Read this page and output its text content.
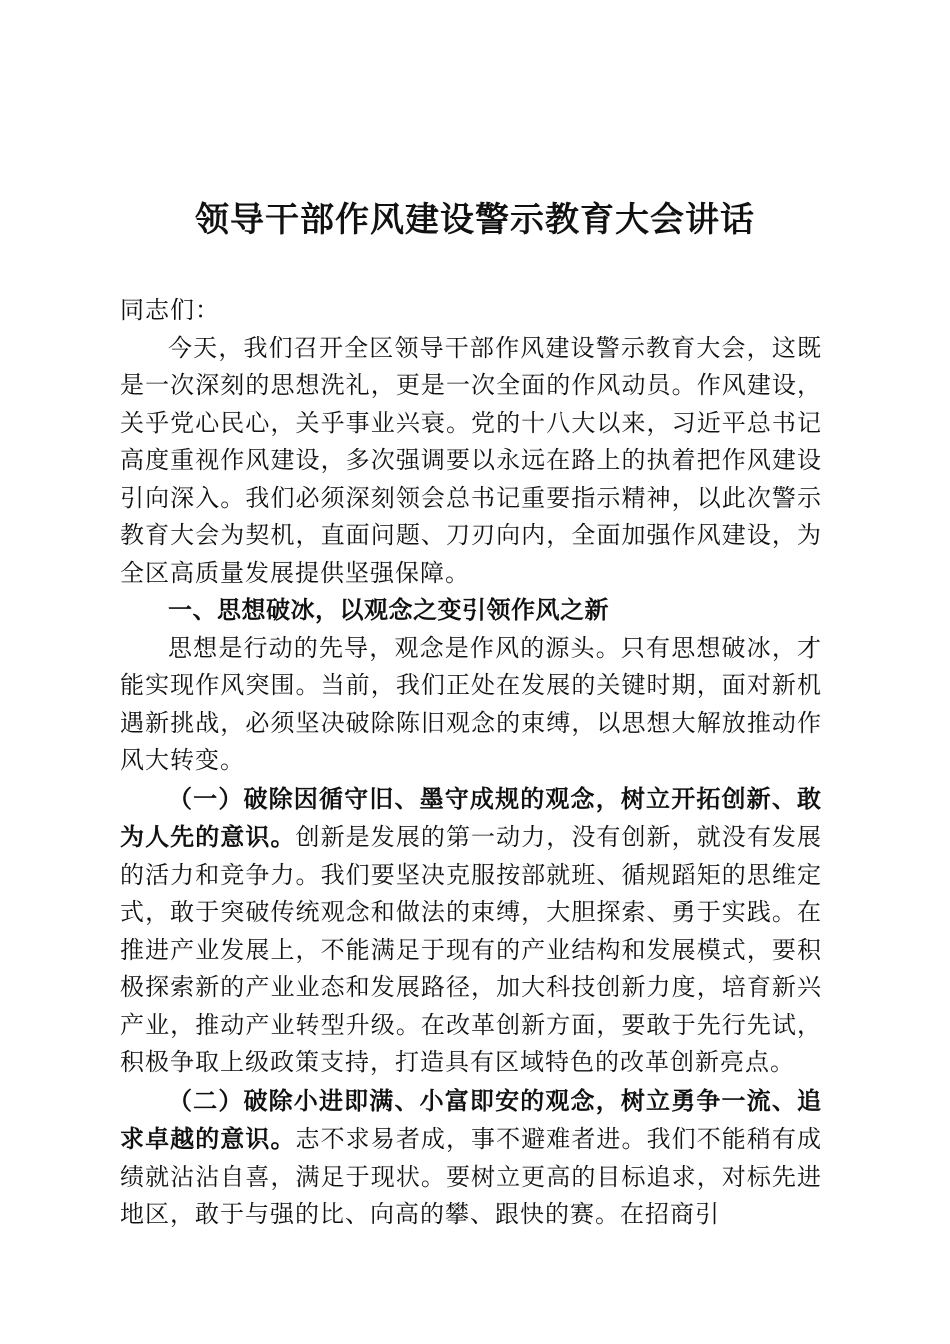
领导干部作风建设警示教育大会讲话

同志们：

今天，我们召开全区领导干部作风建设警示教育大会，这既是一次深刻的思想洗礼，更是一次全面的作风动员。作风建设，关乎党心民心，关乎事业兴衰。党的十八大以来，习近平总书记高度重视作风建设，多次强调要以永远在路上的执着把作风建设引向深入。我们必须深刻领会总书记重要指示精神，以此次警示教育大会为契机，直面问题、刀刃向内，全面加强作风建设，为全区高质量发展提供坚强保障。

一、思想破冰，以观念之变引领作风之新

思想是行动的先导，观念是作风的源头。只有思想破冰，才能实现作风突围。当前，我们正处在发展的关键时期，面对新机遇新挑战，必须坚决破除陈旧观念的束缚，以思想大解放推动作风大转变。

（一）破除因循守旧、墨守成规的观念，树立开拓创新、敢为人先的意识。创新是发展的第一动力，没有创新，就没有发展的活力和竞争力。我们要坚决克服按部就班、循规蹈矩的思维定式，敢于突破传统观念和做法的束缚，大胆探索、勇于实践。在推进产业发展上，不能满足于现有的产业结构和发展模式，要积极探索新的产业业态和发展路径，加大科技创新力度，培育新兴产业，推动产业转型升级。在改革创新方面，要敢于先行先试，积极争取上级政策支持，打造具有区域特色的改革创新亮点。

（二）破除小进即满、小富即安的观念，树立勇争一流、追求卓越的意识。志不求易者成，事不避难者进。我们不能稍有成绩就沾沾自喜，满足于现状。要树立更高的目标追求，对标先进地区，敢于与强的比、向高的攀、跟快的赛。在招商引
